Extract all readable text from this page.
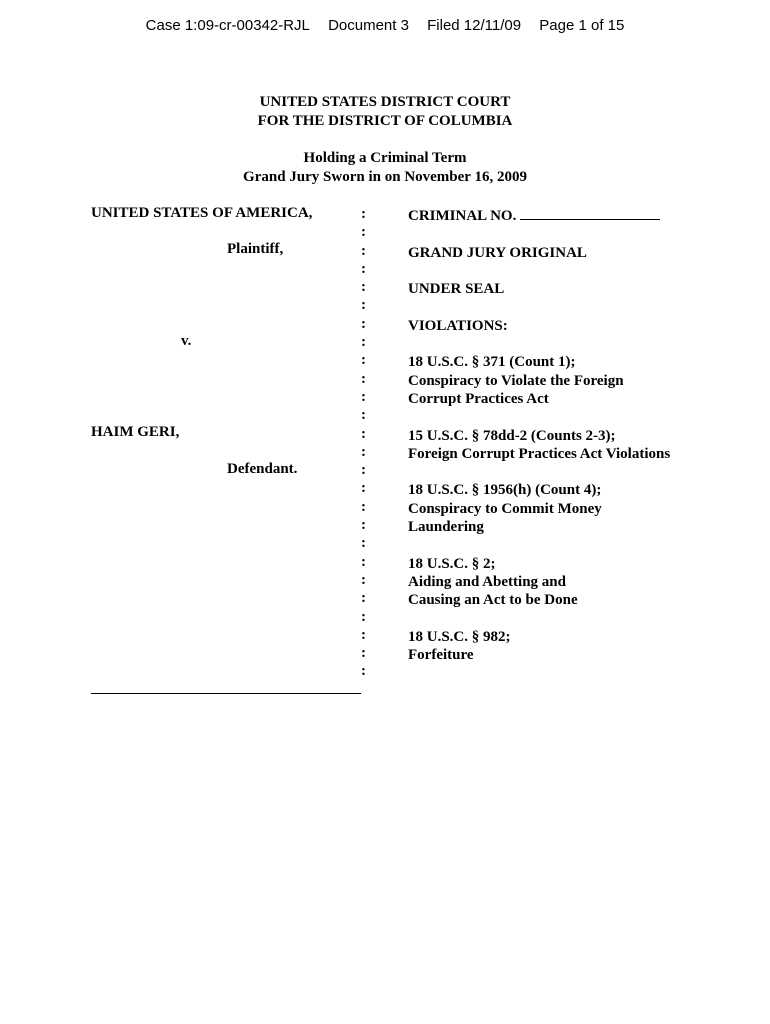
Case 1:09-cr-00342-RJL Document 3 Filed 12/11/09 Page 1 of 15
UNITED STATES DISTRICT COURT
FOR THE DISTRICT OF COLUMBIA
Holding a Criminal Term
Grand Jury Sworn in on November 16, 2009
UNITED STATES OF AMERICA,
Plaintiff,
v.
HAIM GERI,
Defendant.
:
:
:
:
:
:
:
:
:
:
:
:
:
:
:
:
:
:
:
:
:
:
:
:
:
:
CRIMINAL NO.
GRAND JURY ORIGINAL
UNDER SEAL
VIOLATIONS:
18 U.S.C. § 371 (Count 1);
Conspiracy to Violate the Foreign
Corrupt Practices Act
15 U.S.C. § 78dd-2 (Counts 2-3);
Foreign Corrupt Practices Act Violations
18 U.S.C. § 1956(h) (Count 4);
Conspiracy to Commit Money
Laundering
18 U.S.C. § 2;
Aiding and Abetting and
Causing an Act to be Done
18 U.S.C. § 982;
Forfeiture
